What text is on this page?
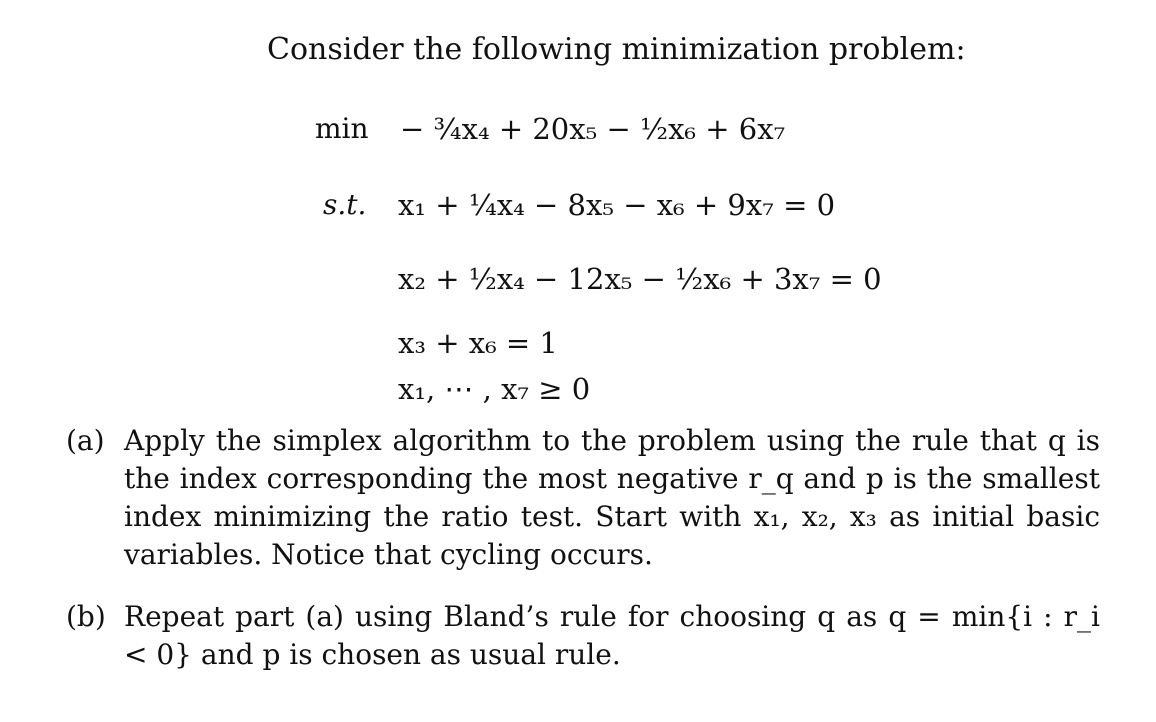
Consider the following minimization problem:
min
s.t.
− ¾x₄ + 20x₅ − ½x₆ + 6x₇
x₁ + ¼x₄ − 8x₅ − x₆ + 9x₇ = 0
x₂ + ½x₄ − 12x₅ − ½x₆ + 3x₇ = 0
x₃ + x₆ = 1
x₁, ⋯ , x₇ ≥ 0
(a) Apply the simplex algorithm to the problem using the rule that q is the index corresponding the most negative r_q and p is the smallest index minimizing the ratio test. Start with x₁, x₂, x₃ as initial basic variables. Notice that cycling occurs.
(b) Repeat part (a) using Bland’s rule for choosing q as q = min{i : r_i < 0} and p is chosen as usual rule.
